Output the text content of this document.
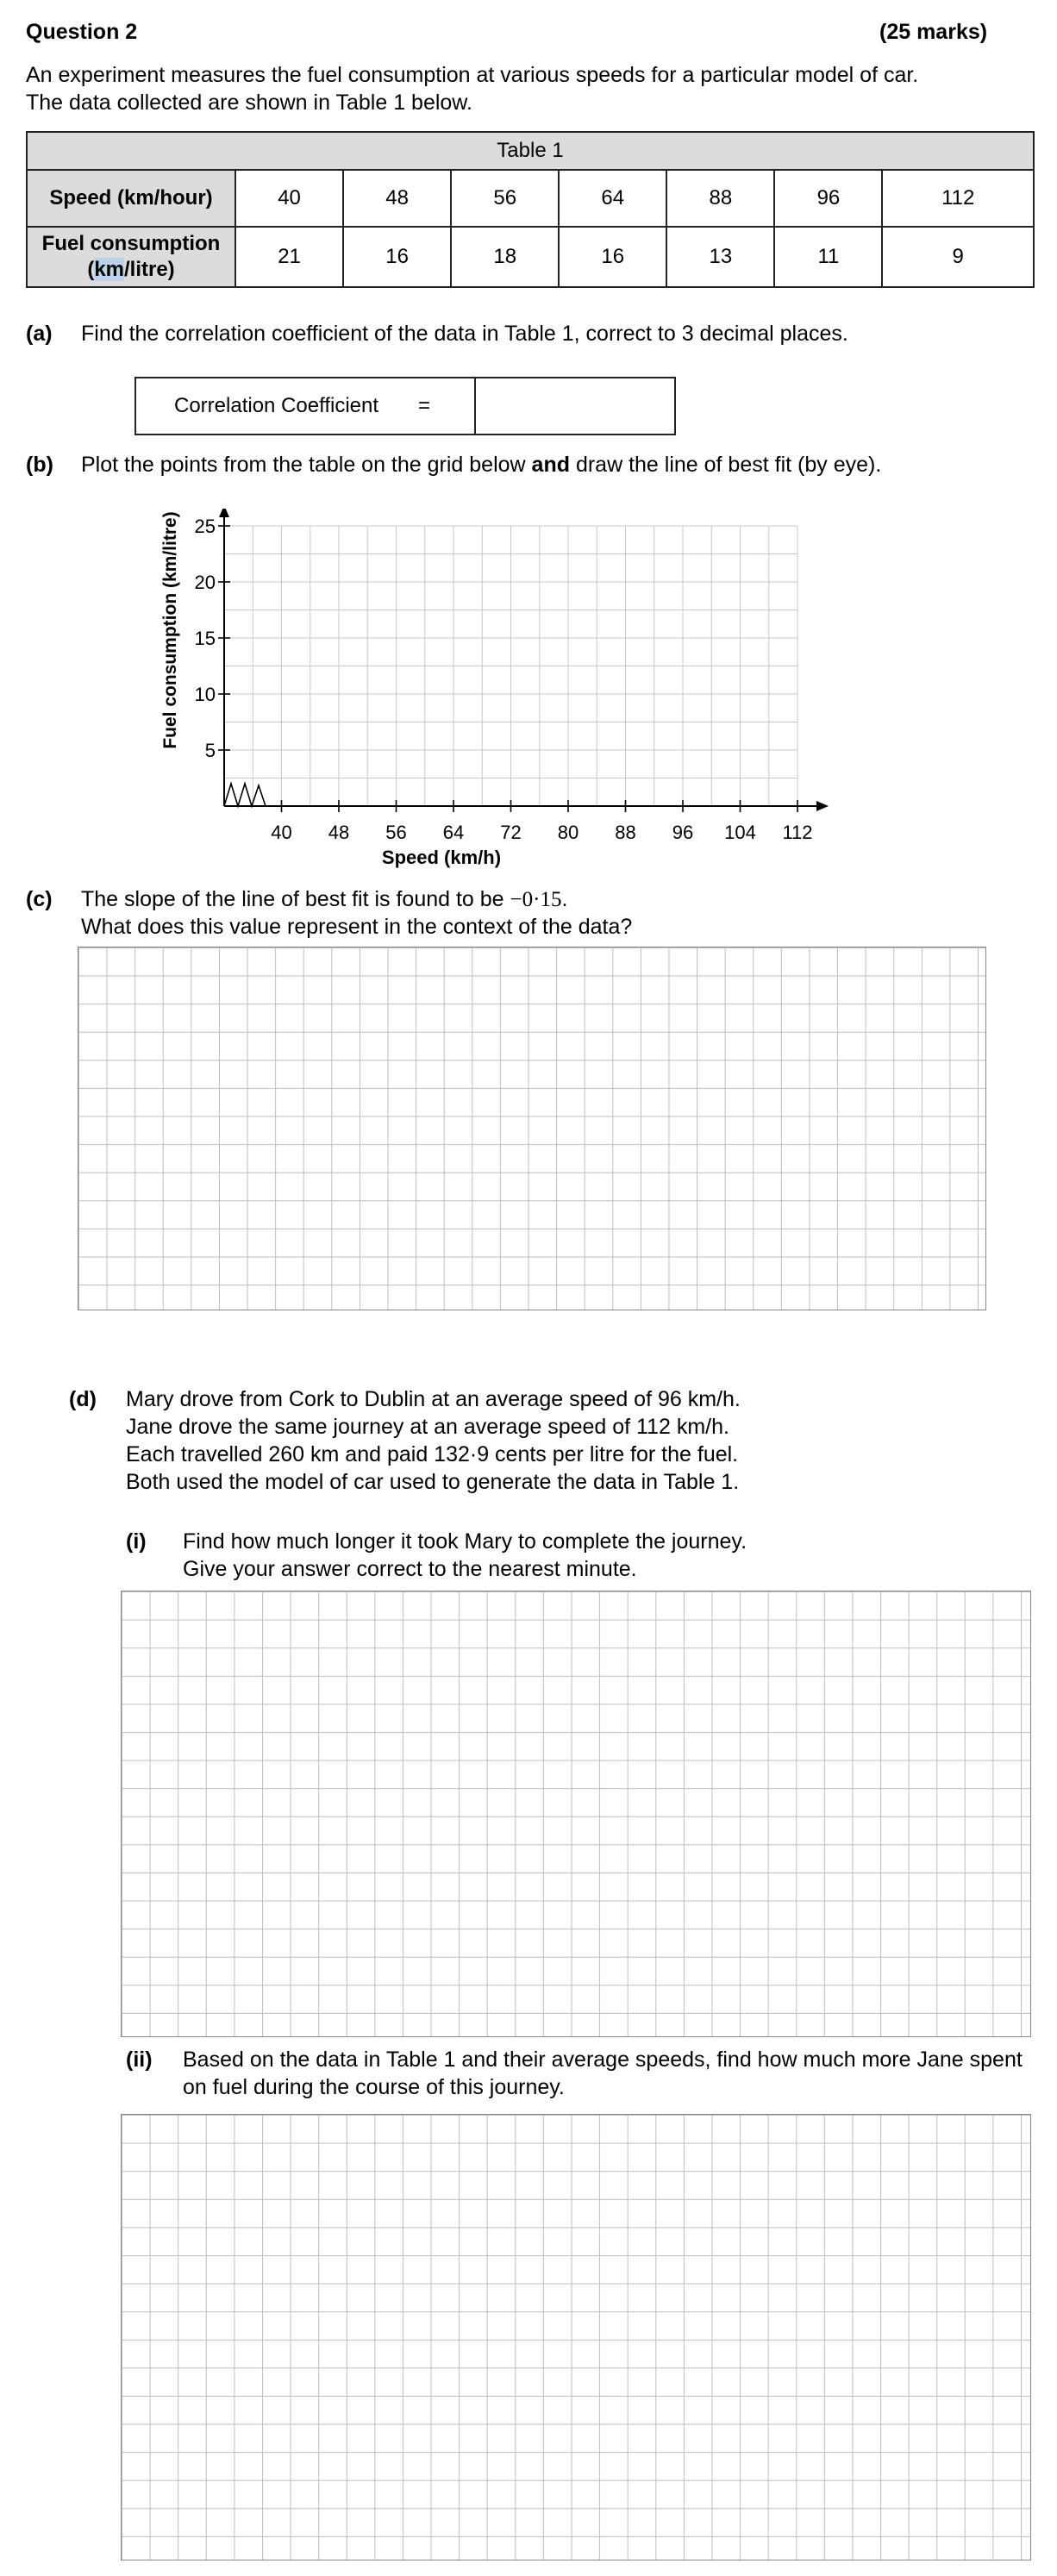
Question 2	(25 marks)
An experiment measures the fuel consumption at various speeds for a particular model of car.
The data collected are shown in Table 1 below.
Table 1							
Speed (km/hour)	40	48	56	64	88	96	112
Fuel consumption
(km/litre)	21	16	18	16	13	11	9
(a) Find the correlation coefficient of the data in Table 1, correct to 3 decimal places.
Correlation Coefficient =
(b) Plot the points from the table on the grid below and draw the line of best fit (by eye).
40 48 56 64 72 80 88 96 104 112
5
10
15
20
25
Speed (km/h)
Fuel consumption (km/litre)
(c) The slope of the line of best fit is found to be −0·15.
What does this value represent in the context of the data?
(d) Mary drove from Cork to Dublin at an average speed of 96 km/h.
Jane drove the same journey at an average speed of 112 km/h.
Each travelled 260 km and paid 132·9 cents per litre for the fuel.
Both used the model of car used to generate the data in Table 1.
(i) Find how much longer it took Mary to complete the journey.
Give your answer correct to the nearest minute.
(ii) Based on the data in Table 1 and their average speeds, find how much more Jane spent
on fuel during the course of this journey.
